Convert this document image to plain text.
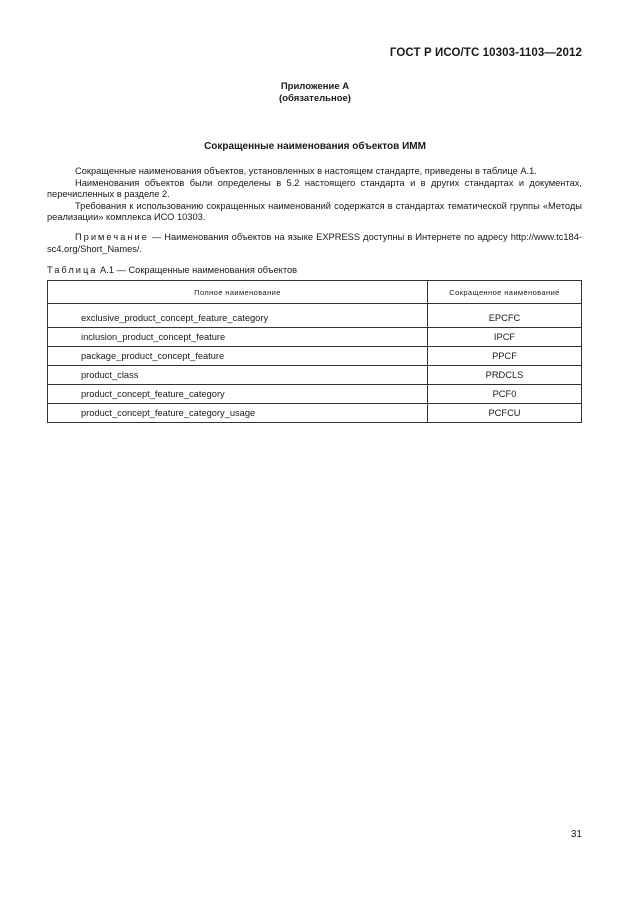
ГОСТ Р ИСО/ТС 10303-1103—2012
Приложение А
(обязательное)
Сокращенные наименования объектов ИММ

Сокращенные наименования объектов, установленных в настоящем стандарте, приведены в таблице А.1.

Наименования объектов были определены в 5.2 настоящего стандарта и в других стандартах и документах, перечисленных в разделе 2.

Требования к использованию сокращенных наименований содержатся в стандартах тематической группы «Методы реализации» комплекса ИСО 10303.

Примечание — Наименования объектов на языке EXPRESS доступны в Интернете по адресу http://www.tc184-sc4.org/Short_Names/.

Таблица А.1 — Сокращенные наименования объектов
Полное наименование	Сокращенное наименование

exclusive_product_concept_feature_category	EPCFC
inclusion_product_concept_feature	IPCF
package_product_concept_feature	PPCF
product_class	PRDCLS
product_concept_feature_category	PCF0
product_concept_feature_category_usage	PCFCU
31
